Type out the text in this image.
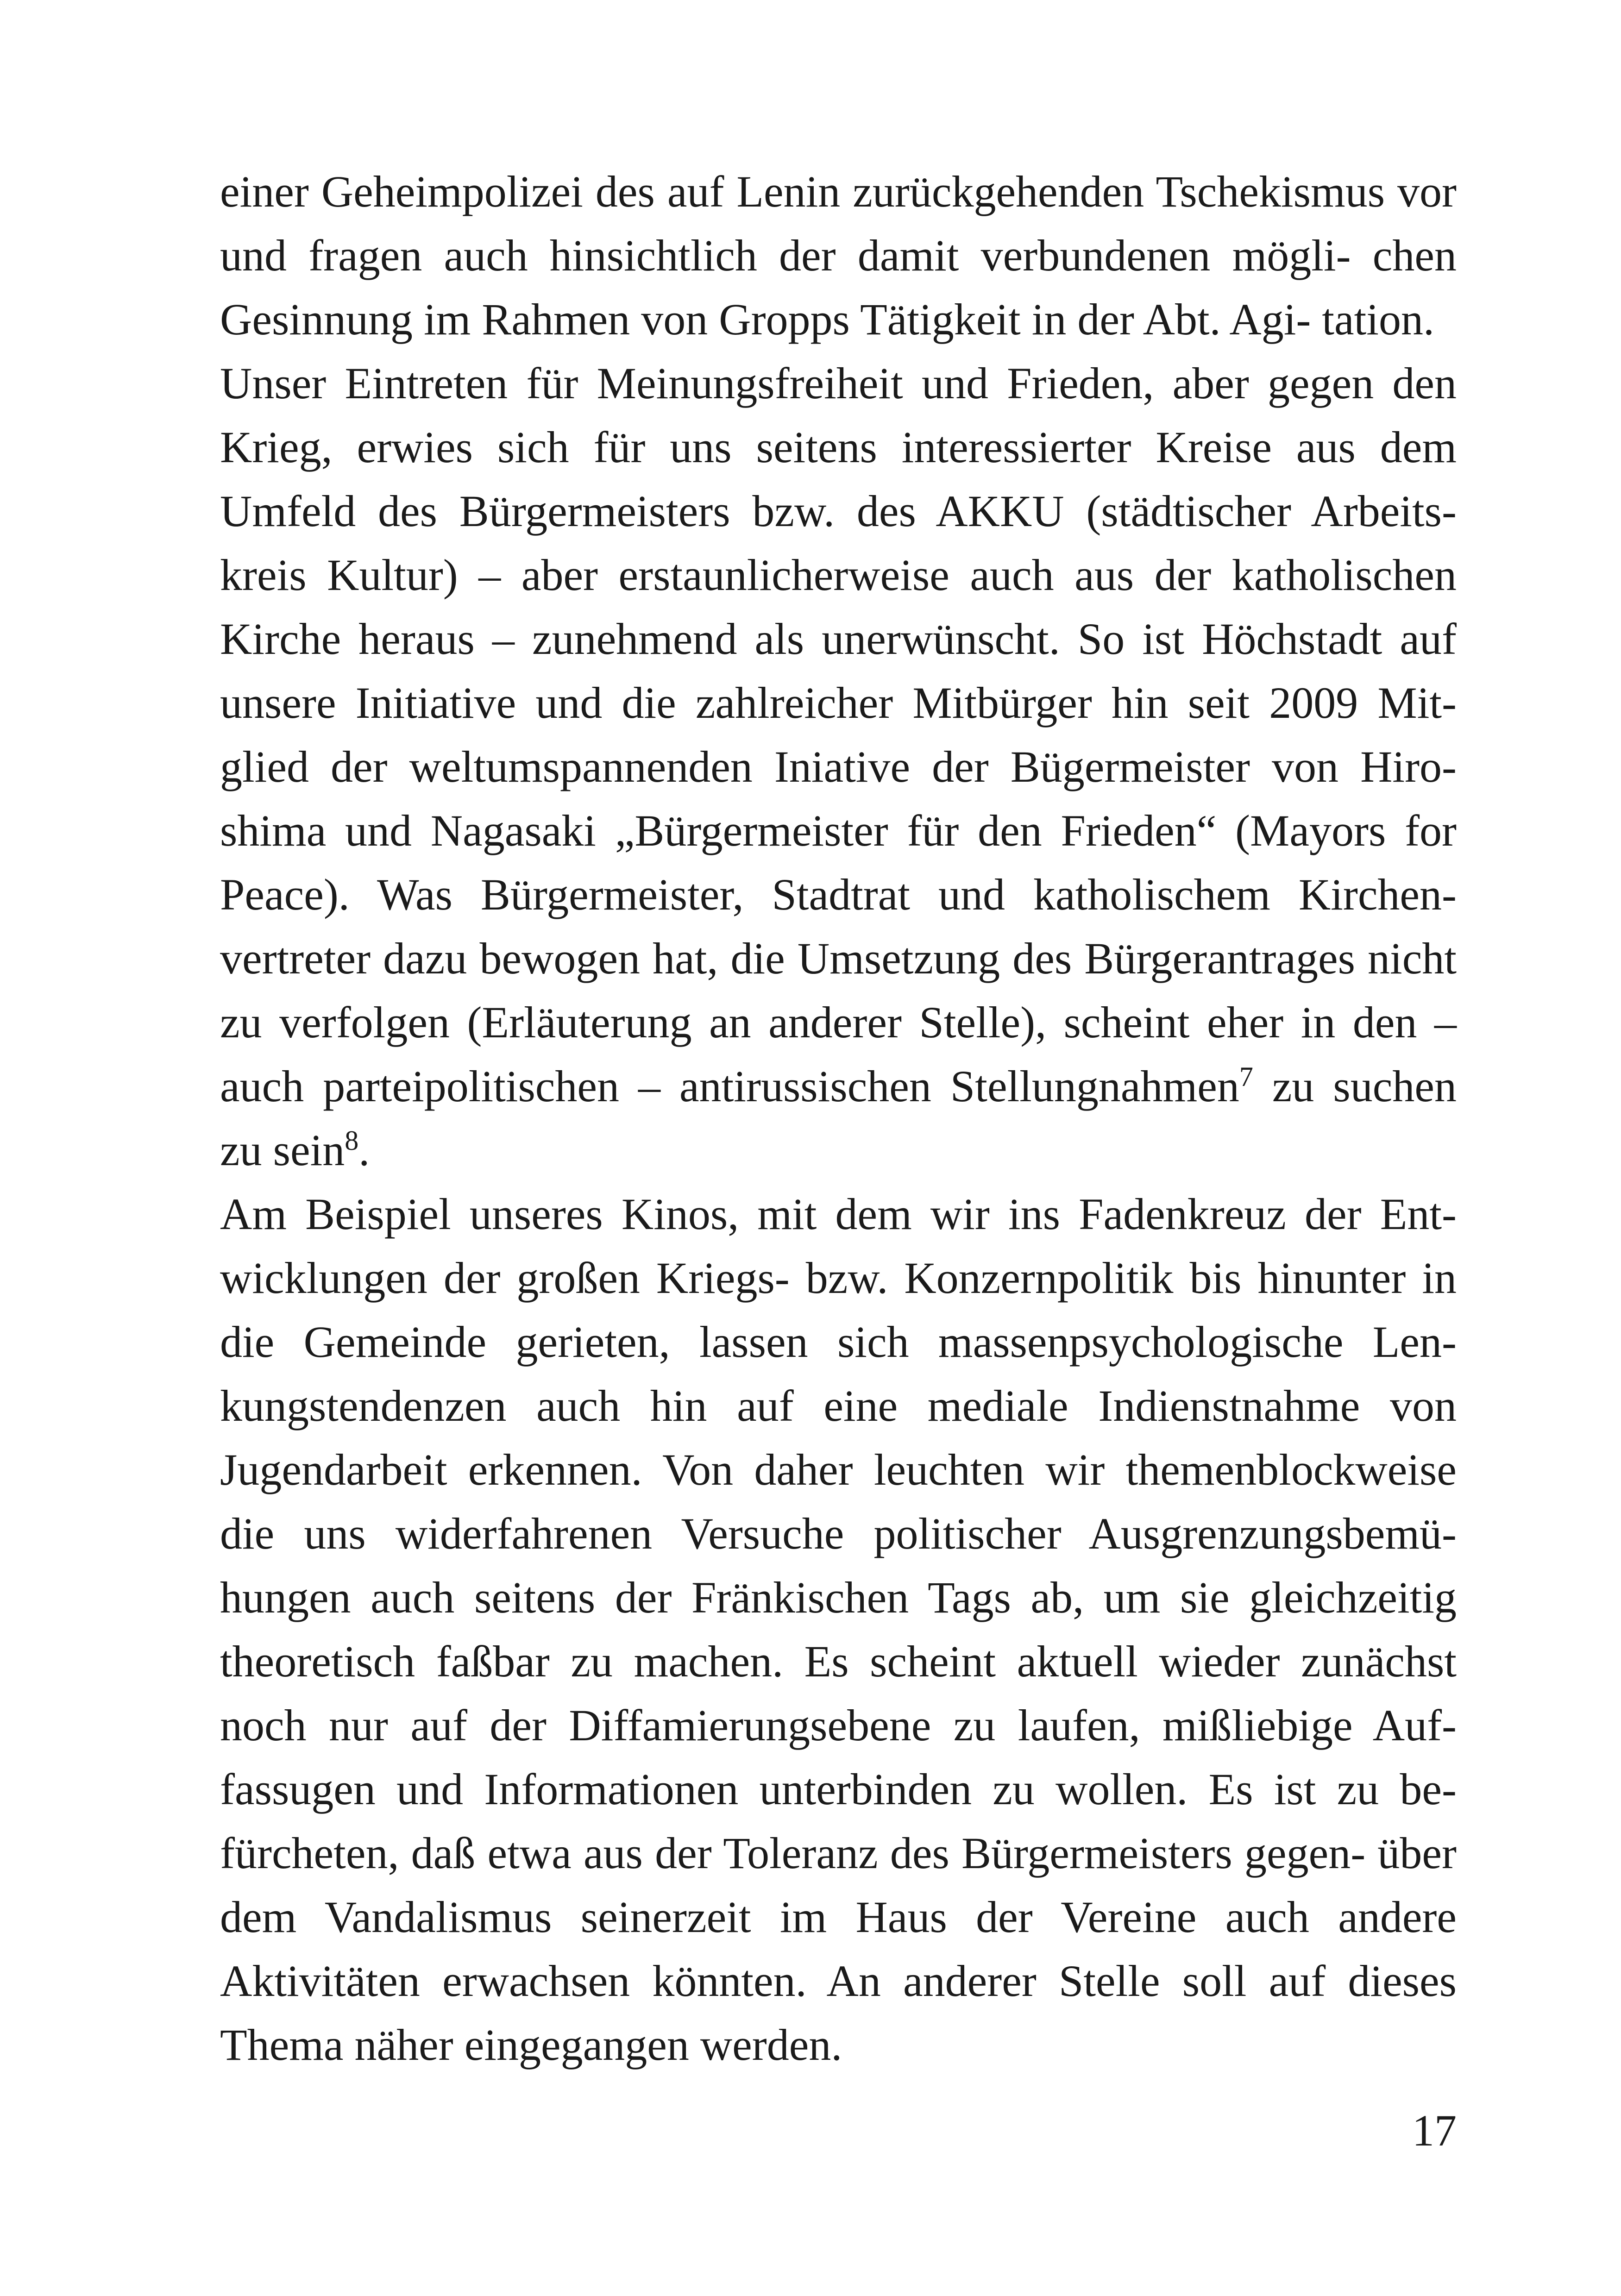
einer Geheimpolizei des auf Lenin zurückgehenden Tschekismus vor und fragen auch hinsichtlich der damit verbundenen mögli- chen Gesinnung im Rahmen von Gropps Tätigkeit in der Abt. Agi- tation.

Unser Eintreten für Meinungsfreiheit und Frieden, aber gegen den Krieg, erwies sich für uns seitens interessierter Kreise aus dem Umfeld des Bürgermeisters bzw. des AKKU (städtischer Arbeits- kreis Kultur) – aber erstaunlicherweise auch aus der katholischen Kirche heraus – zunehmend als unerwünscht. So ist Höchstadt auf unsere Initiative und die zahlreicher Mitbürger hin seit 2009 Mit- glied der weltumspannenden Iniative der Bügermeister von Hiro- shima und Nagasaki „Bürgermeister für den Frieden“ (Mayors for Peace). Was Bürgermeister, Stadtrat und katholischem Kirchen- vertreter dazu bewogen hat, die Umsetzung des Bürgerantrages nicht zu verfolgen (Erläuterung an anderer Stelle), scheint eher in den – auch parteipolitischen – antirussischen Stellungnahmen$^7$ zu suchen zu sein$^8$.

Am Beispiel unseres Kinos, mit dem wir ins Fadenkreuz der Ent- wicklungen der großen Kriegs- bzw. Konzernpolitik bis hinunter in die Gemeinde gerieten, lassen sich massenpsychologische Len- kungstendenzen auch hin auf eine mediale Indienstnahme von Jugendarbeit erkennen. Von daher leuchten wir themenblockweise die uns widerfahrenen Versuche politischer Ausgrenzungsbemü- hungen auch seitens der Fränkischen Tags ab, um sie gleichzeitig theoretisch faßbar zu machen. Es scheint aktuell wieder zunächst noch nur auf der Diffamierungsebene zu laufen, mißliebige Auf- fassugen und Informationen unterbinden zu wollen. Es ist zu be- fürcheten, daß etwa aus der Toleranz des Bürgermeisters gegen- über dem Vandalismus seinerzeit im Haus der Vereine auch andere Aktivitäten erwachsen könnten. An anderer Stelle soll auf dieses Thema näher eingegangen werden.

17
